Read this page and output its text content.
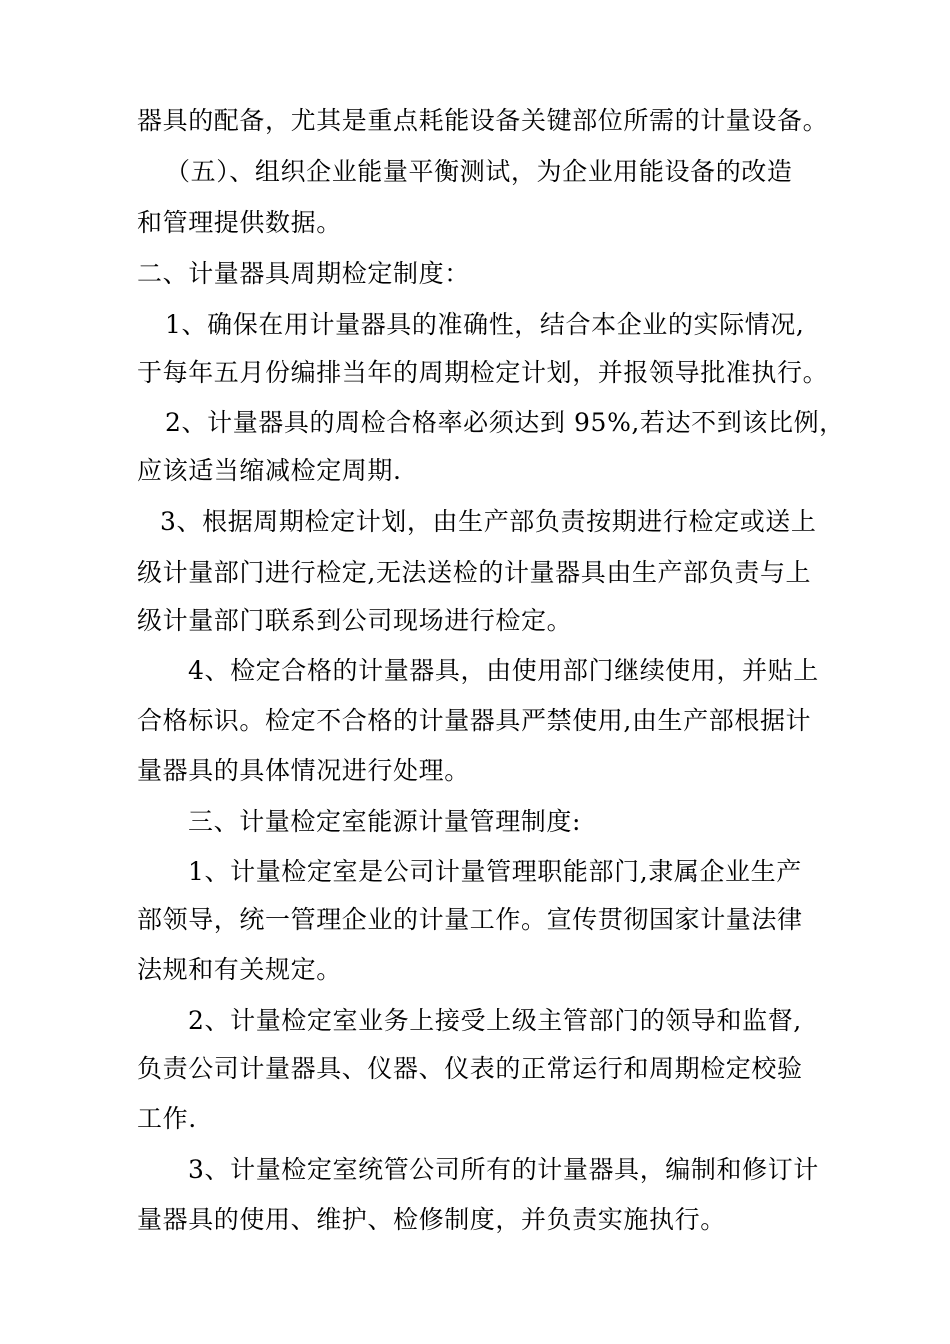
器具的配备，尤其是重点耗能设备关键部位所需的计量设备。
（五）、组织企业能量平衡测试，为企业用能设备的改造
和管理提供数据。
二、计量器具周期检定制度：
1、确保在用计量器具的准确性，结合本企业的实际情况,
于每年五月份编排当年的周期检定计划，并报领导批准执行。
2、计量器具的周检合格率必须达到 95%,若达不到该比例，
应该适当缩减检定周期.
3、根据周期检定计划，由生产部负责按期进行检定或送上
级计量部门进行检定,无法送检的计量器具由生产部负责与上
级计量部门联系到公司现场进行检定。
4、检定合格的计量器具，由使用部门继续使用，并贴上
合格标识。检定不合格的计量器具严禁使用,由生产部根据计
量器具的具体情况进行处理。
三、计量检定室能源计量管理制度:
1、计量检定室是公司计量管理职能部门,隶属企业生产
部领导，统一管理企业的计量工作。宣传贯彻国家计量法律
法规和有关规定。
2、计量检定室业务上接受上级主管部门的领导和监督,
负责公司计量器具、仪器、仪表的正常运行和周期检定校验
工作.
3、计量检定室统管公司所有的计量器具，编制和修订计
量器具的使用、维护、检修制度，并负责实施执行。
